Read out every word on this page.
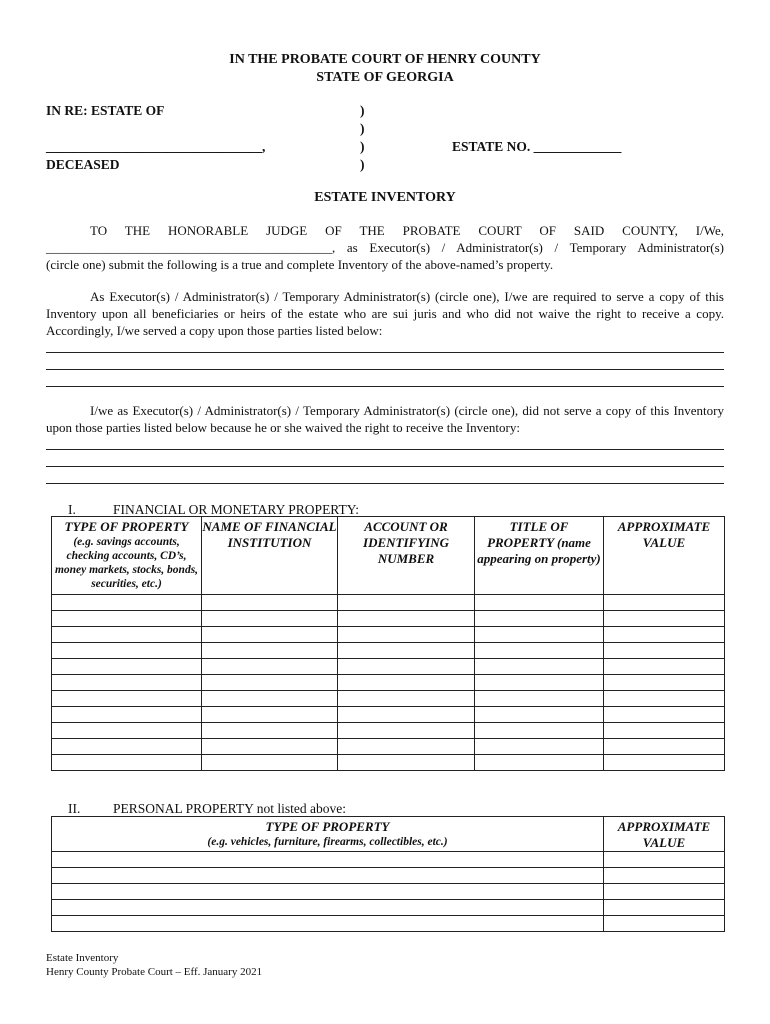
IN THE PROBATE COURT OF HENRY COUNTY
STATE OF GEORGIA
IN RE: ESTATE OF
________________________________,
DECEASED
)
)
)
)
ESTATE NO. _____________
ESTATE INVENTORY
TO THE HONORABLE JUDGE OF THE PROBATE COURT OF SAID COUNTY, I/We,
____________________________________________, as Executor(s) / Administrator(s) / Temporary Administrator(s)
(circle one) submit the following is a true and complete Inventory of the above-named’s property.
As Executor(s) / Administrator(s) / Temporary Administrator(s) (circle one), I/we are required to serve a copy of this Inventory upon all beneficiaries or heirs of the estate who are sui juris and who did not waive the right to receive a copy. Accordingly, I/we served a copy upon those parties listed below:
I/we as Executor(s) / Administrator(s) / Temporary Administrator(s) (circle one), did not serve a copy of this Inventory upon those parties listed below because he or she waived the right to receive the Inventory:
I.	FINANCIAL OR MONETARY PROPERTY:
TYPE OF PROPERTY
(e.g. savings accounts, checking accounts, CD’s, money markets, stocks, bonds, securities, etc.)	NAME OF FINANCIAL INSTITUTION	ACCOUNT OR IDENTIFYING NUMBER	TITLE OF PROPERTY (name appearing on property)	APPROXIMATE VALUE

II. PERSONAL PROPERTY not listed above:
TYPE OF PROPERTY
(e.g. vehicles, furniture, firearms, collectibles, etc.)	APPROXIMATE VALUE

Estate Inventory
Henry County Probate Court – Eff. January 2021
